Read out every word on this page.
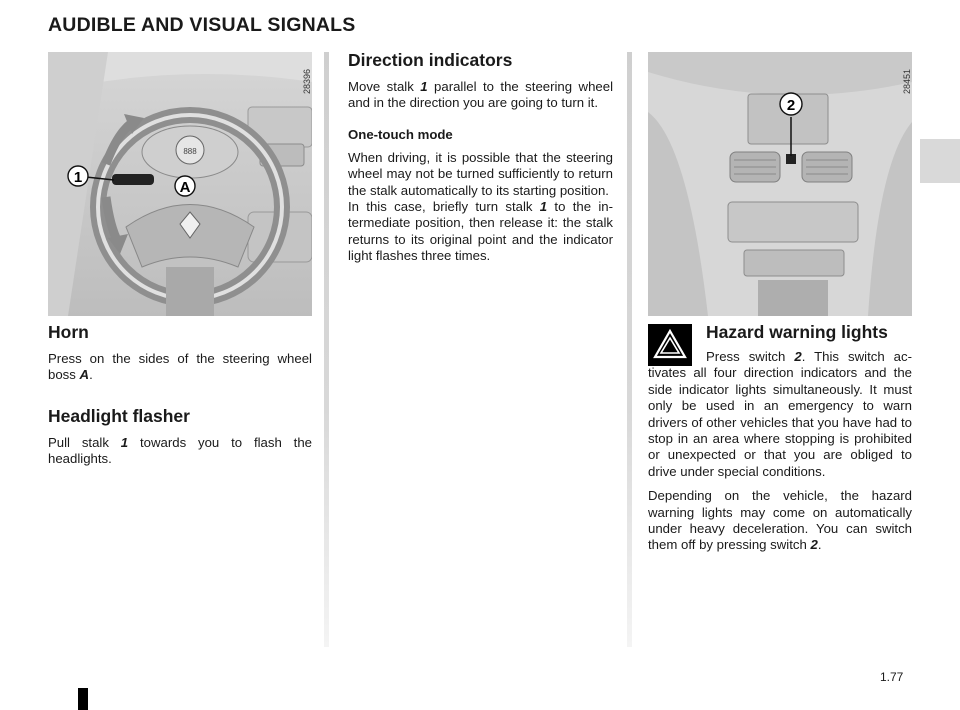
AUDIBLE AND VISUAL SIGNALS
1
A
888
28396
Horn

Press on the sides of the steering wheel boss A.

Headlight flasher

Pull stalk 1 towards you to flash the headlights.

Direction indicators

Move stalk 1 parallel to the steering wheel and in the direction you are going to turn it.

One-touch mode

When driving, it is possible that the steering wheel may not be turned sufficiently to return the stalk automatically to its starting position.

In this case, briefly turn stalk 1 to the intermediate position, then release it: the stalk returns to its original point and the indicator light flashes three times.

2
28451
Hazard warning lights

Press switch 2. This switch activates all four direction indicators and the side indicator lights simultaneously. It must only be used in an emergency to warn drivers of other vehicles that you have had to stop in an area where stopping is prohibited or unexpected or that you are obliged to drive under special conditions.

Depending on the vehicle, the hazard warning lights may come on automatically under heavy deceleration. You can switch them off by pressing switch 2.

1.77
